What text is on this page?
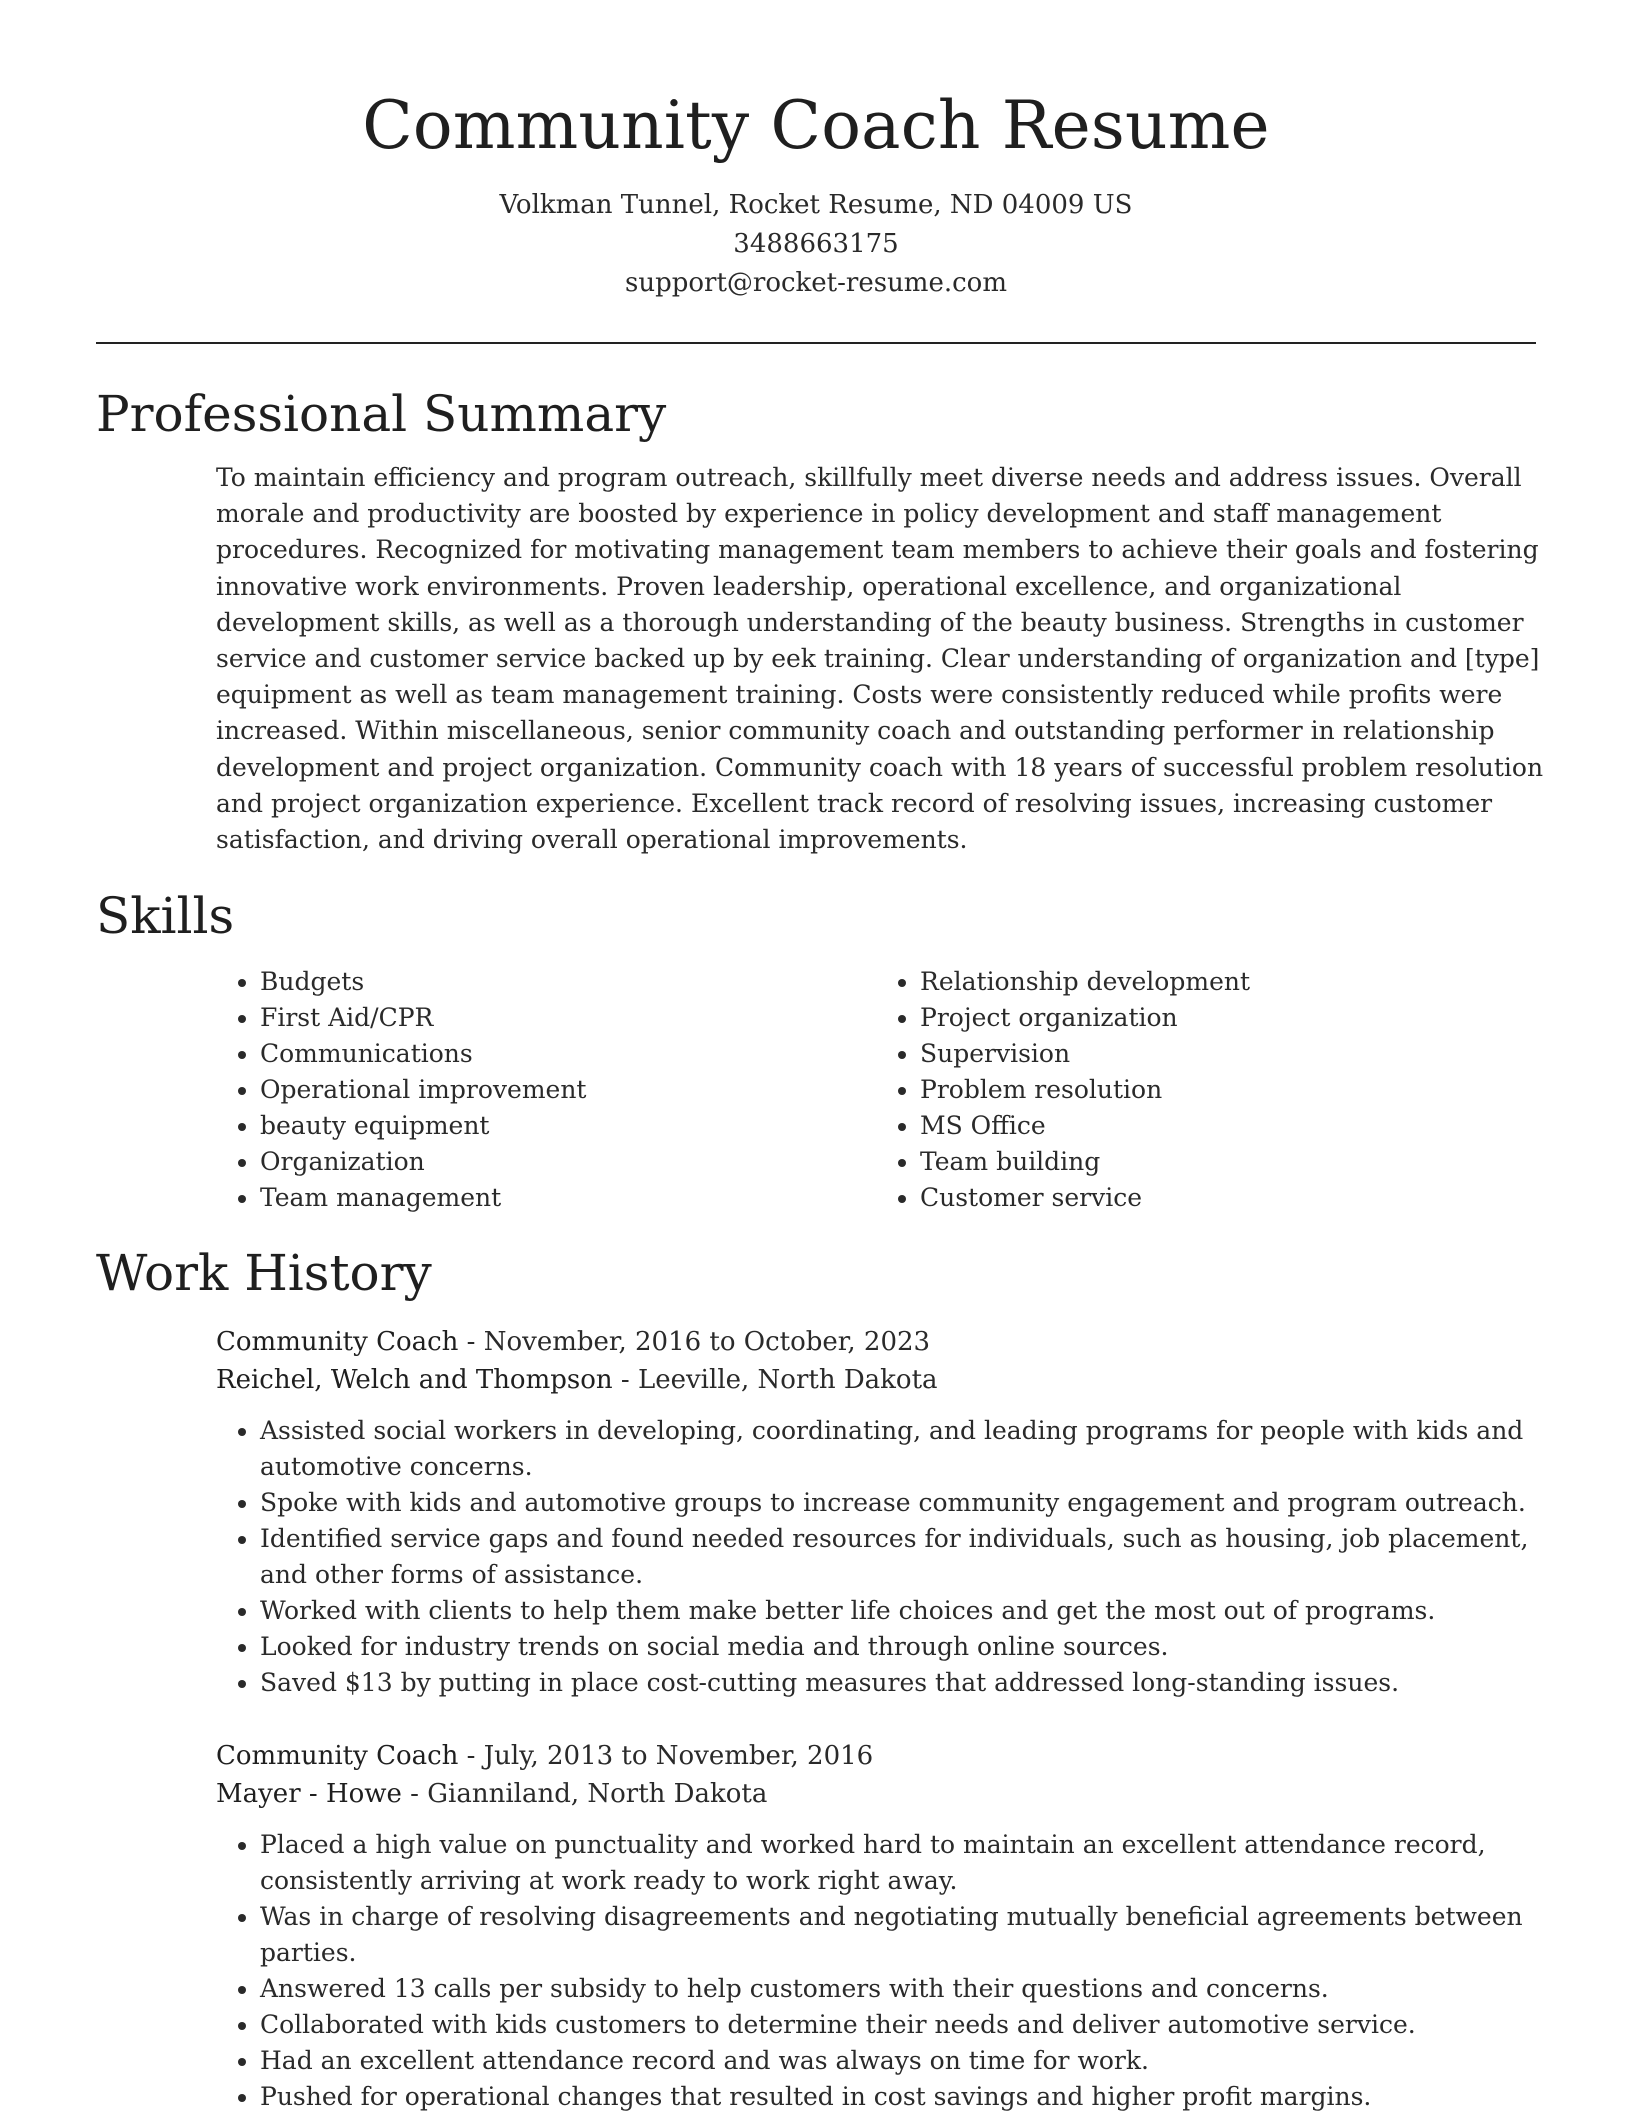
Community Coach Resume
Volkman Tunnel, Rocket Resume, ND 04009 US
3488663175
support@rocket-resume.com
Professional Summary

To maintain efficiency and program outreach, skillfully meet diverse needs and address issues. Overall morale and productivity are boosted by experience in policy development and staff management procedures. Recognized for motivating management team members to achieve their goals and fostering innovative work environments. Proven leadership, operational excellence, and organizational development skills, as well as a thorough understanding of the beauty business. Strengths in customer service and customer service backed up by eek training. Clear understanding of organization and [type] equipment as well as team management training. Costs were consistently reduced while profits were increased. Within miscellaneous, senior community coach and outstanding performer in relationship development and project organization. Community coach with 18 years of successful problem resolution and project organization experience. Excellent track record of resolving issues, increasing customer satisfaction, and driving overall operational improvements.

Skills
• Budgets
• First Aid/CPR
• Communications
• Operational improvement
• beauty equipment
• Organization
• Team management
• Relationship development
• Project organization
• Supervision
• Problem resolution
• MS Office
• Team building
• Customer service
Work History
Community Coach - November, 2016 to October, 2023
Reichel, Welch and Thompson - Leeville, North Dakota
• Assisted social workers in developing, coordinating, and leading programs for people with kids and automotive concerns.
• Spoke with kids and automotive groups to increase community engagement and program outreach.
• Identified service gaps and found needed resources for individuals, such as housing, job placement, and other forms of assistance.
• Worked with clients to help them make better life choices and get the most out of programs.
• Looked for industry trends on social media and through online sources.
• Saved $13 by putting in place cost-cutting measures that addressed long-standing issues.
Community Coach - July, 2013 to November, 2016
Mayer - Howe - Gianniland, North Dakota
• Placed a high value on punctuality and worked hard to maintain an excellent attendance record, consistently arriving at work ready to work right away.
• Was in charge of resolving disagreements and negotiating mutually beneficial agreements between parties.
• Answered 13 calls per subsidy to help customers with their questions and concerns.
• Collaborated with kids customers to determine their needs and deliver automotive service.
• Had an excellent attendance record and was always on time for work.
• Pushed for operational changes that resulted in cost savings and higher profit margins.
